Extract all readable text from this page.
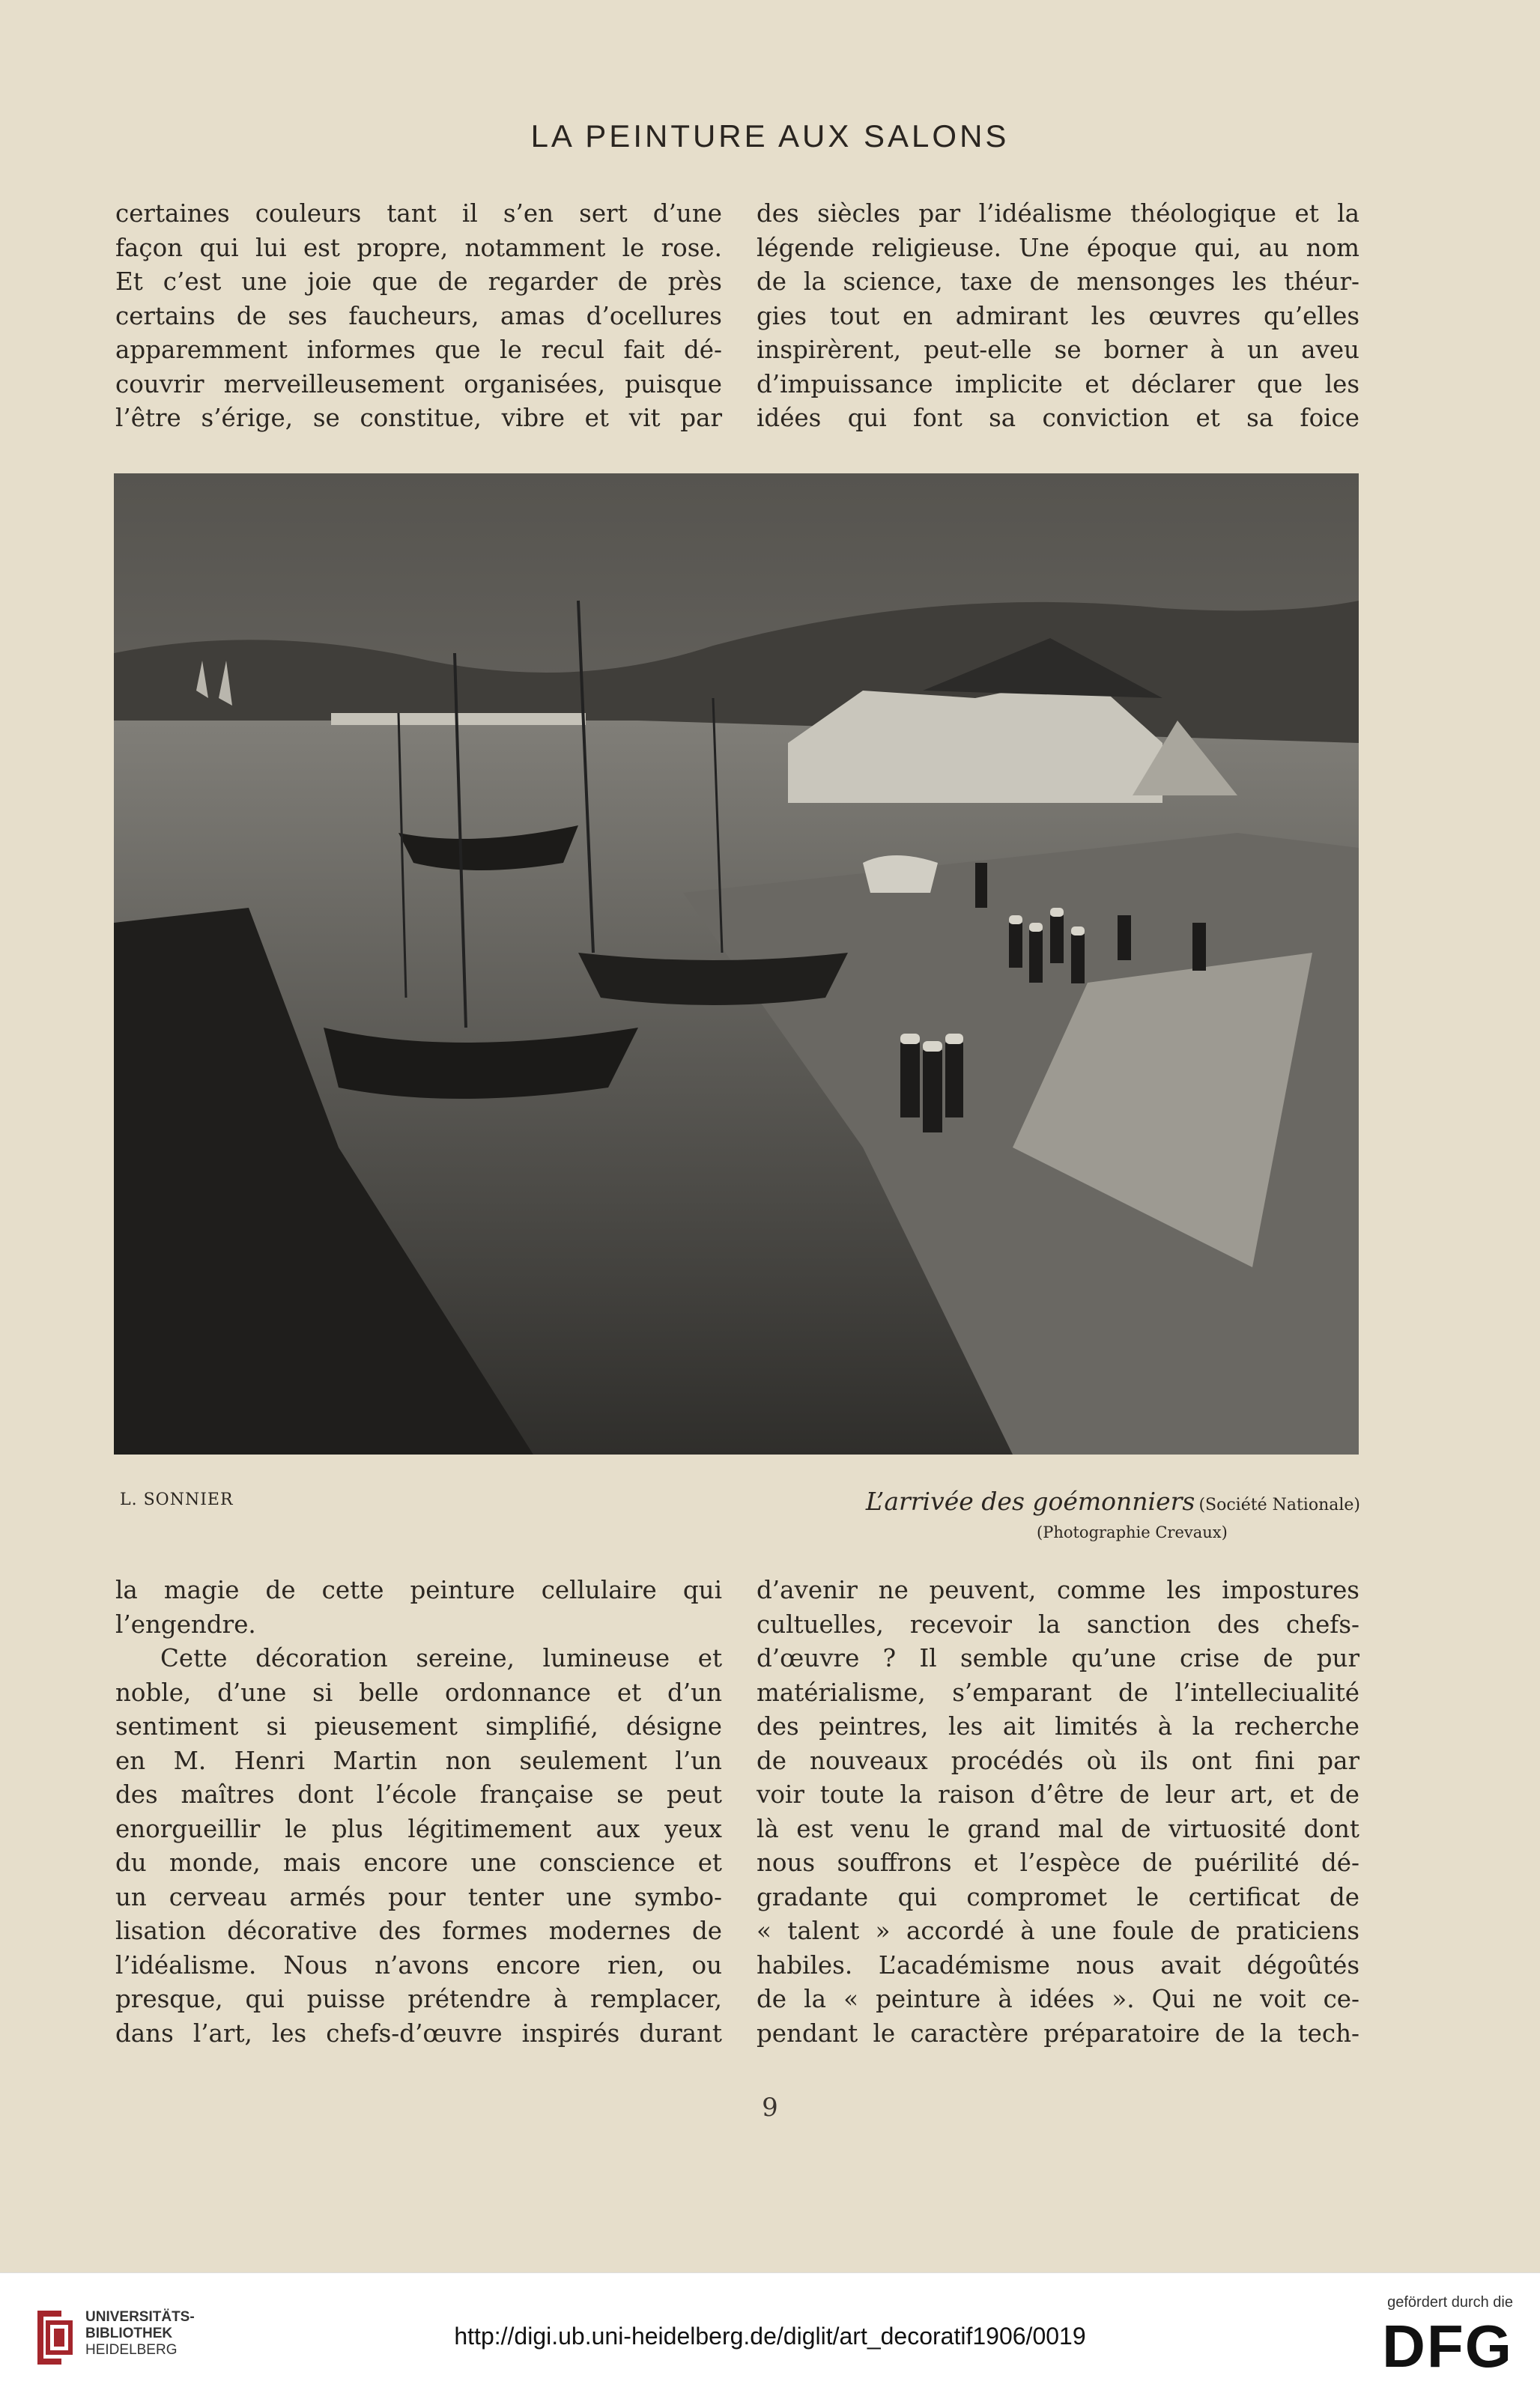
LA PEINTURE AUX SALONS

certaines couleurs tant il s’en sert d’une

façon qui lui est propre, notamment le rose.

Et c’est une joie que de regarder de près

certains de ses faucheurs, amas d’ocellures

apparemment informes que le recul fait dé-

couvrir merveilleusement organisées, puisque

l’être s’érige, se constitue, vibre et vit par

des siècles par l’idéalisme théologique et la

légende religieuse. Une époque qui, au nom

de la science, taxe de mensonges les théur-

gies tout en admirant les œuvres qu’elles

inspirèrent, peut-elle se borner à un aveu

d’impuissance implicite et déclarer que les

idées qui font sa conviction et sa foice

L. SONNIER	L’arrivée des goémonniers (Société Nationale)
(Photographie Crevaux)

la magie de cette peinture cellulaire qui

l’engendre.

Cette décoration sereine, lumineuse et

noble, d’une si belle ordonnance et d’un

sentiment si pieusement simplifié, désigne

en M. Henri Martin non seulement l’un

des maîtres dont l’école française se peut

enorgueillir le plus légitimement aux yeux

du monde, mais encore une conscience et

un cerveau armés pour tenter une symbo-

lisation décorative des formes modernes de

l’idéalisme. Nous n’avons encore rien, ou

presque, qui puisse prétendre à remplacer,

dans l’art, les chefs-d’œuvre inspirés durant

d’avenir ne peuvent, comme les impostures

cultuelles, recevoir la sanction des chefs-

d’œuvre ? Il semble qu’une crise de pur

matérialisme, s’emparant de l’intelleciualité

des peintres, les ait limités à la recherche

de nouveaux procédés où ils ont fini par

voir toute la raison d’être de leur art, et de

là est venu le grand mal de virtuosité dont

nous souffrons et l’espèce de puérilité dé-

gradante qui compromet le certificat de

« talent » accordé à une foule de praticiens

habiles. L’académisme nous avait dégoûtés

de la « peinture à idées ». Qui ne voit ce-

pendant le caractère préparatoire de la tech-

9
UNIVERSITÄTS-
BIBLIOTHEK
HEIDELBERG
http://digi.ub.uni-heidelberg.de/diglit/art_decoratif1906/0019
gefördert durch die
DFG
